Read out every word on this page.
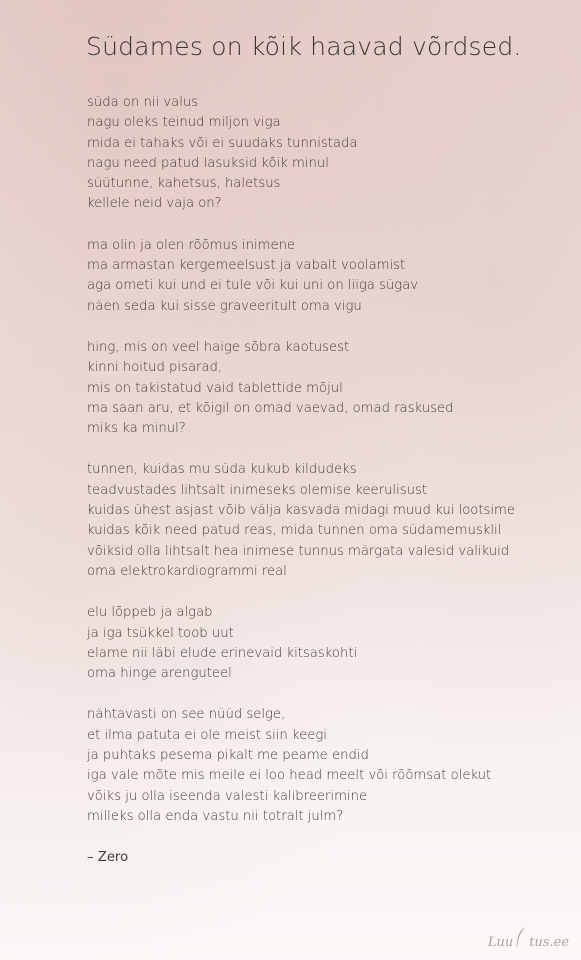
Südames on kõik haavad võrdsed.
süda on nii valus
nagu oleks teinud miljon viga
mida ei tahaks või ei suudaks tunnistada
nagu need patud lasuksid kõik minul
süütunne, kahetsus, haletsus
kellele neid vaja on?
ma olin ja olen rõõmus inimene
ma armastan kergemeelsust ja vabalt voolamist
aga ometi kui und ei tule või kui uni on liiga sügav
näen seda kui sisse graveeritult oma vigu
hing, mis on veel haige sõbra kaotusest
kinni hoitud pisarad,
mis on takistatud vaid tablettide mõjul
ma saan aru, et kõigil on omad vaevad, omad raskused
miks ka minul?
tunnen, kuidas mu süda kukub kildudeks
teadvustades lihtsalt inimeseks olemise keerulisust
kuidas ühest asjast võib välja kasvada midagi muud kui lootsime
kuidas kõik need patud reas, mida tunnen oma südamemusklil
võiksid olla lihtsalt hea inimese tunnus märgata valesid valikuid
oma elektrokardiogrammi real
elu lõppeb ja algab
ja iga tsükkel toob uut
elame nii läbi elude erinevaid kitsaskohti
oma hinge arenguteel
nähtavasti on see nüüd selge,
et ilma patuta ei ole meist siin keegi
ja puhtaks pesema pikalt me peame endid
iga vale mõte mis meile ei loo head meelt või rõõmsat olekut
võiks ju olla iseenda valesti kalibreerimine
milleks olla enda vastu nii totralt julm?
– Zero
Luu tus.ee
